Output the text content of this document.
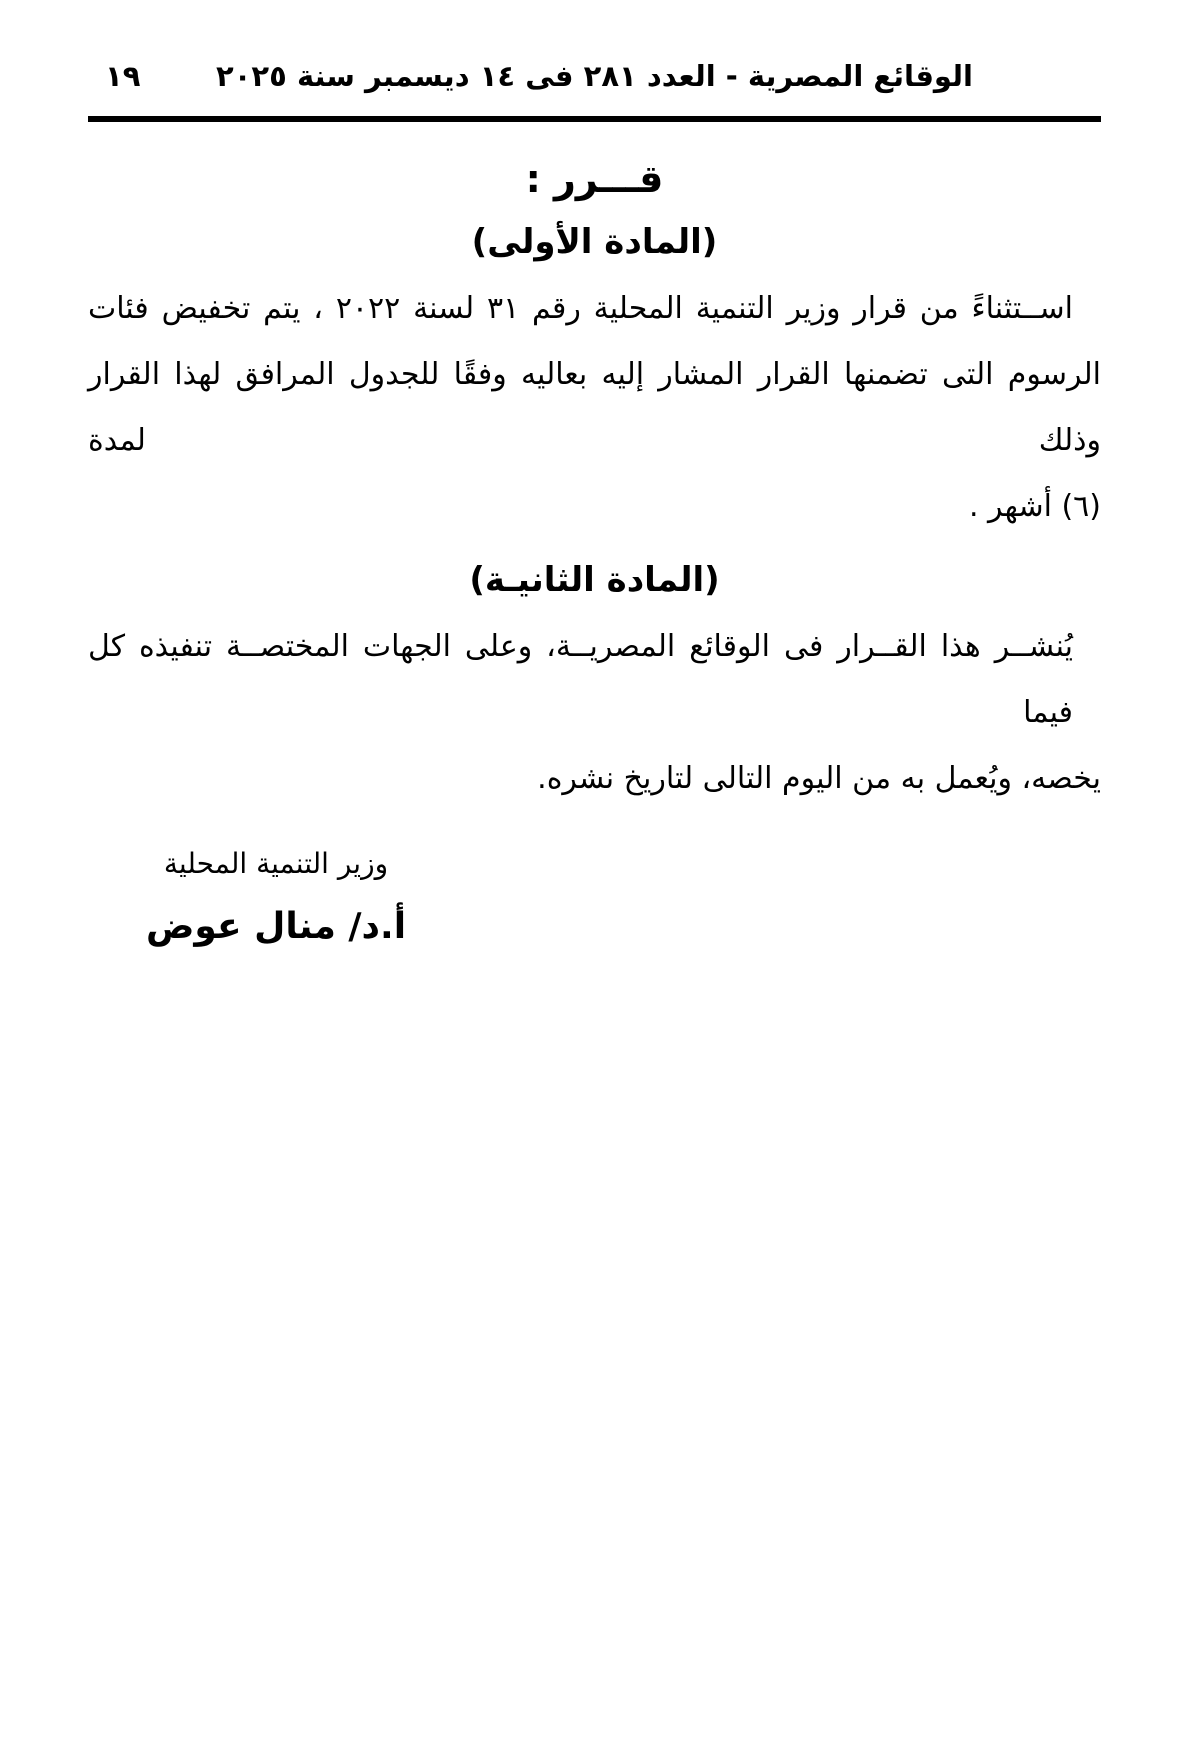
الوقائع المصرية - العدد ٢٨١ فى ١٤ ديسمبر سنة ٢٠٢٥
١٩
قـــرر :
(المادة الأولى)

اســتثناءً من قرار وزير التنمية المحلية رقم ٣١ لسنة ٢٠٢٢ ، يتم تخفيض فئات

الرسوم التى تضمنها القرار المشار إليه بعاليه وفقًا للجدول المرافق لهذا القرار وذلك لمدة

(٦) أشهر .

(المادة الثانيـة)

يُنشــر هذا القــرار فى الوقائع المصريــة، وعلى الجهات المختصــة تنفيذه كل فيما

يخصه، ويُعمل به من اليوم التالى لتاريخ نشره.

وزير التنمية المحلية
أ.د/ منال عوض
